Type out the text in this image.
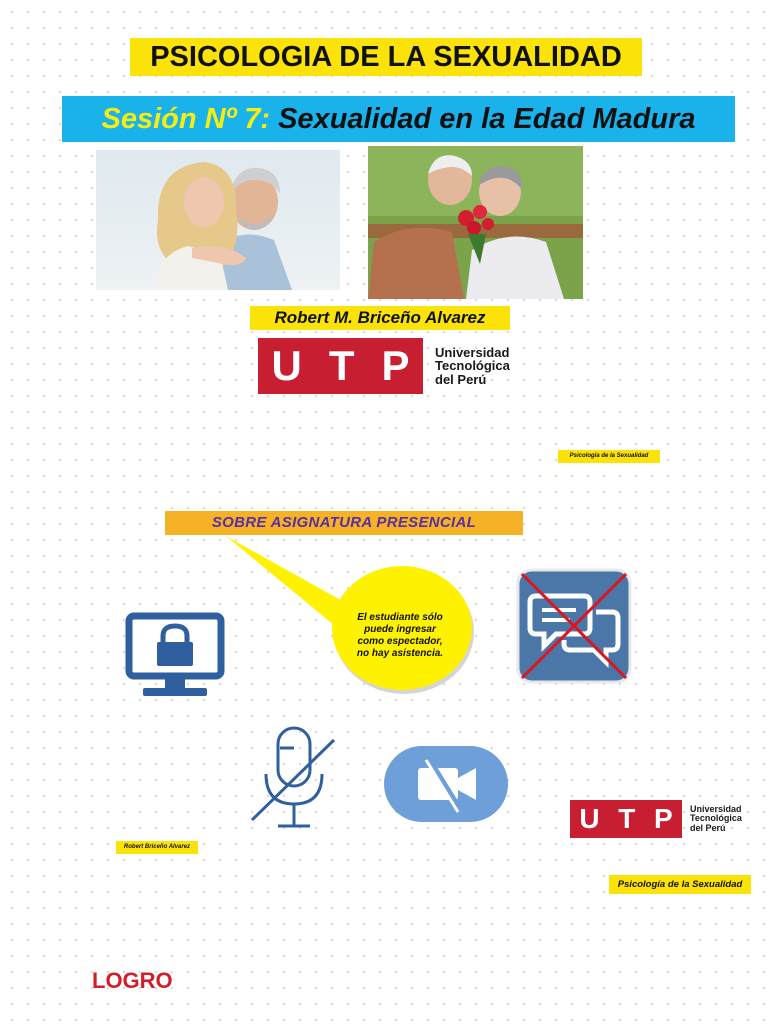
PSICOLOGIA DE LA SEXUALIDAD
Sesión Nº 7: Sexualidad en la Edad Madura
Robert M. Briceño Alvarez
U T P Universidad
Tecnológica
del Perú
Psicología de la Sexualidad
SOBRE ASIGNATURA PRESENCIAL
El estudiante sólo puede ingresar como espectador, no hay asistencia.
U T P Universidad
Tecnológica
del Perú
Robert Briceño Alvarez
Psicología de la Sexualidad
LOGRO
